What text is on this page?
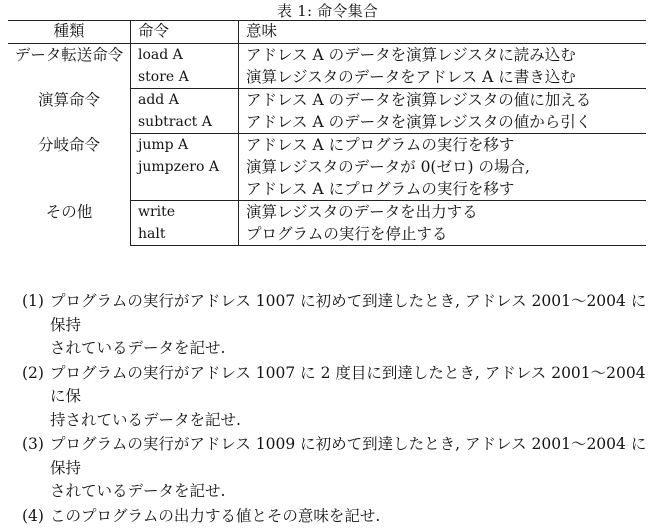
表 1: 命令集合
種類	命令	意味
データ転送命令	load A	アドレス A のデータを演算レジスタに読み込む
	store A	演算レジスタのデータをアドレス A に書き込む
演算命令	add A	アドレス A のデータを演算レジスタの値に加える
	subtract A	アドレス A のデータを演算レジスタの値から引く
分岐命令	jump A	アドレス A にプログラムの実行を移す
	jumpzero A	演算レジスタのデータが 0(ゼロ) の場合,
		アドレス A にプログラムの実行を移す
その他	write	演算レジスタのデータを出力する
	halt	プログラムの実行を停止する
(1) プログラムの実行がアドレス 1007 に初めて到達したとき, アドレス 2001～2004 に保持
されているデータを記せ.
(2) プログラムの実行がアドレス 1007 に 2 度目に到達したとき, アドレス 2001～2004 に保
持されているデータを記せ.
(3) プログラムの実行がアドレス 1009 に初めて到達したとき, アドレス 2001～2004 に保持
されているデータを記せ.
(4) このプログラムの出力する値とその意味を記せ.
